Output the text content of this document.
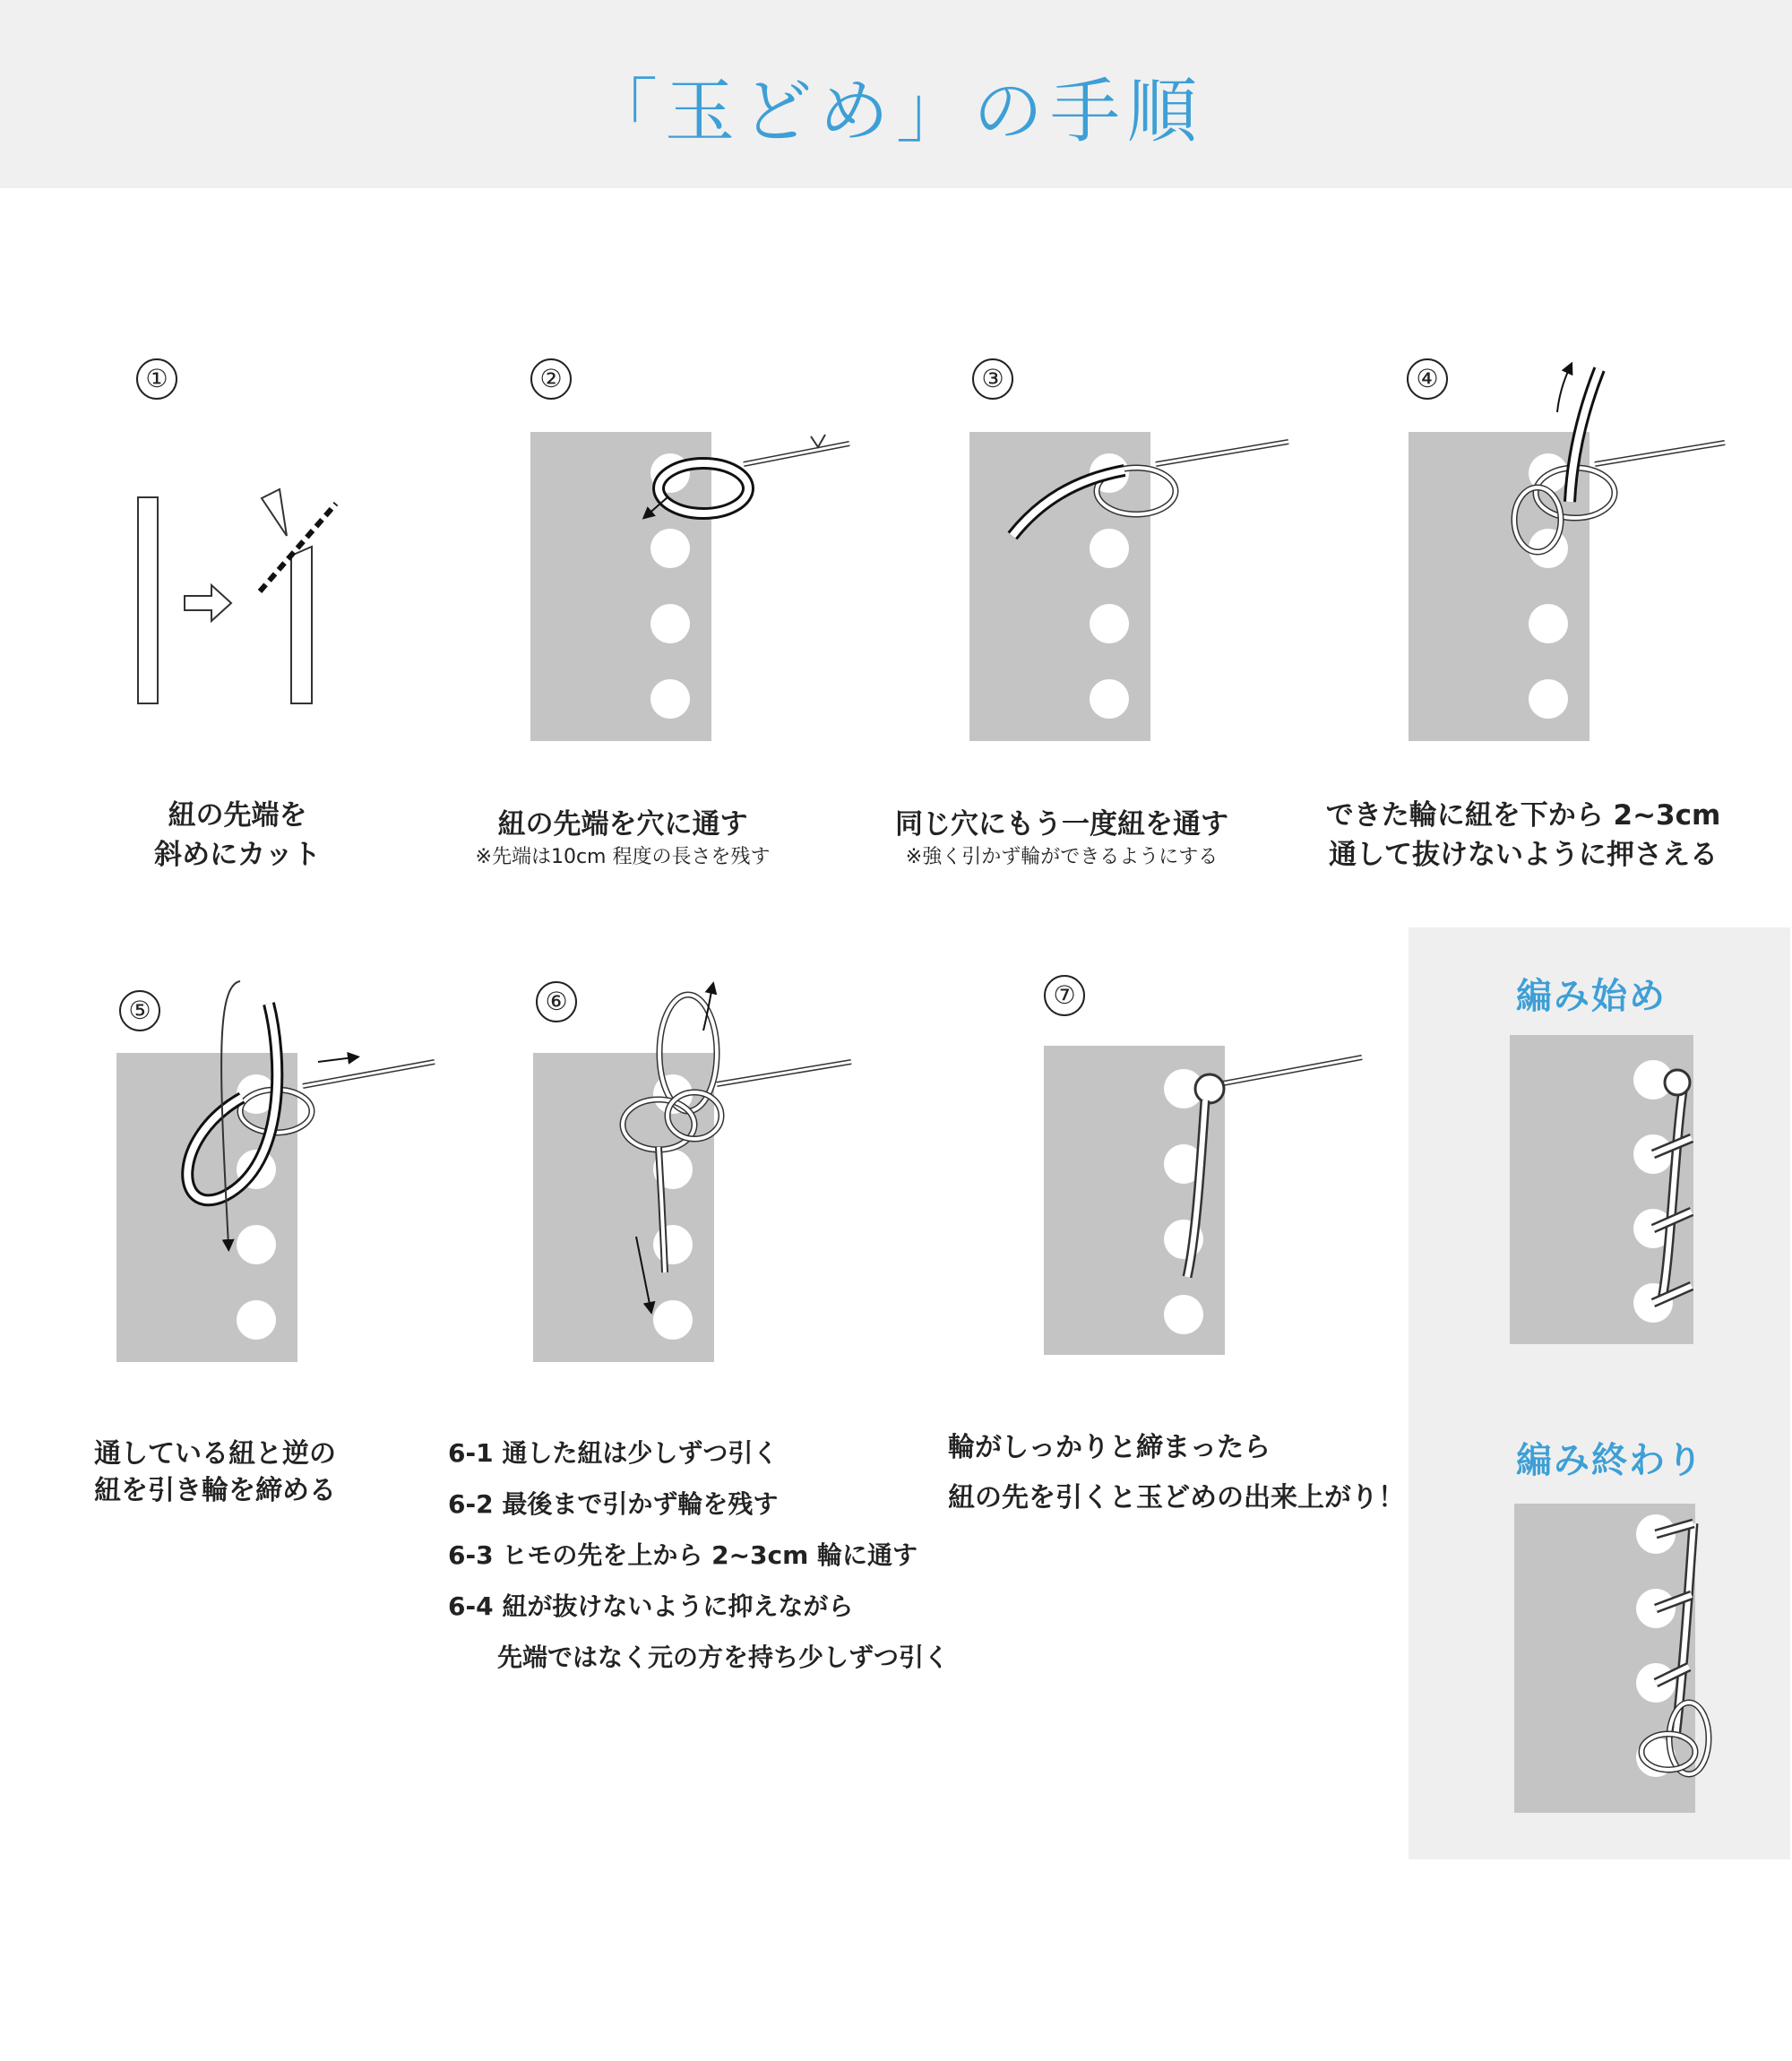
「玉どめ」の手順
①	②	③	④
⑤	⑥	⑦
紐の先端を
斜めにカット
紐の先端を穴に通す
※先端は10cm 程度の長さを残す
同じ穴にもう一度紐を通す
※強く引かず輪ができるようにする
できた輪に紐を下から 2~3cm
通して抜けないように押さえる
通している紐と逆の
紐を引き輪を締める
6-1 通した紐は少しずつ引く
6-2 最後まで引かず輪を残す
6-3 ヒモの先を上から 2~3cm 輪に通す
6-4 紐が抜けないように抑えながら
先端ではなく元の方を持ち少しずつ引く
輪がしっかりと締まったら
紐の先を引くと玉どめの出来上がり！
編み始め
編み終わり
